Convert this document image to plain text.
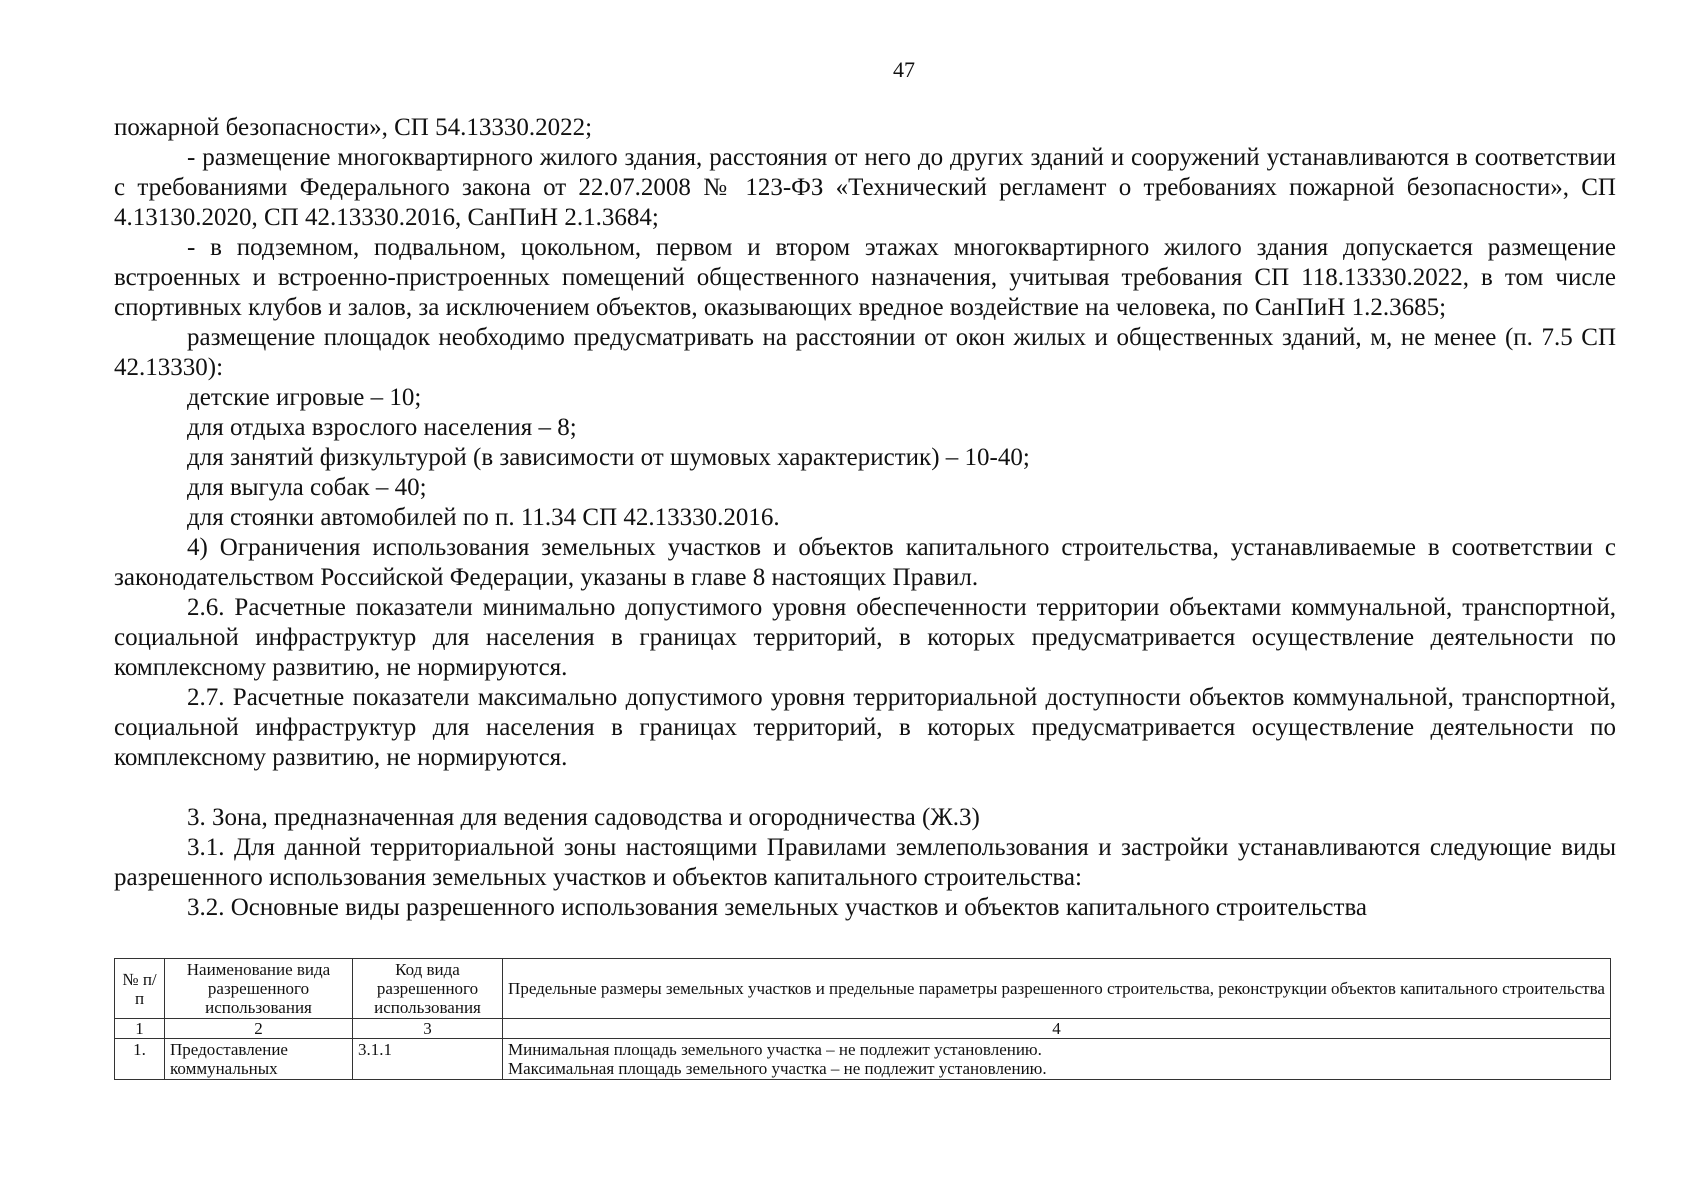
47

пожарной безопасности», СП 54.13330.2022;

- размещение многоквартирного жилого здания, расстояния от него до других зданий и сооружений устанавливаются в соответствии с требованиями Федерального закона от 22.07.2008 № 123-ФЗ «Технический регламент о требованиях пожарной безопасности», СП 4.13130.2020, СП 42.13330.2016, СанПиН 2.1.3684;

- в подземном, подвальном, цокольном, первом и втором этажах многоквартирного жилого здания допускается размещение встроенных и встроенно-пристроенных помещений общественного назначения, учитывая требования СП 118.13330.2022, в том числе спортивных клубов и залов, за исключением объектов, оказывающих вредное воздействие на человека, по СанПиН 1.2.3685;

размещение площадок необходимо предусматривать на расстоянии от окон жилых и общественных зданий, м, не менее (п. 7.5 СП 42.13330):

детские игровые – 10;

для отдыха взрослого населения – 8;

для занятий физкультурой (в зависимости от шумовых характеристик) – 10-40;

для выгула собак – 40;

для стоянки автомобилей по п. 11.34 СП 42.13330.2016.

4) Ограничения использования земельных участков и объектов капитального строительства, устанавливаемые в соответствии с законодательством Российской Федерации, указаны в главе 8 настоящих Правил.

2.6. Расчетные показатели минимально допустимого уровня обеспеченности территории объектами коммунальной, транспортной, социальной инфраструктур для населения в границах территорий, в которых предусматривается осуществление деятельности по комплексному развитию, не нормируются.

2.7. Расчетные показатели максимально допустимого уровня территориальной доступности объектов коммунальной, транспортной, социальной инфраструктур для населения в границах территорий, в которых предусматривается осуществление деятельности по комплексному развитию, не нормируются.

3. Зона, предназначенная для ведения садоводства и огородничества (Ж.3)

3.1. Для данной территориальной зоны настоящими Правилами землепользования и застройки устанавливаются следующие виды разрешенного использования земельных участков и объектов капитального строительства:

3.2. Основные виды разрешенного использования земельных участков и объектов капитального строительства

№ п/п	Наименование вида разрешенного использования	Код вида разрешенного использования	Предельные размеры земельных участков и предельные параметры разрешенного строительства, реконструкции объектов капитального строительства
1	2	3	4
1.	Предоставление коммунальных	3.1.1	Минимальная площадь земельного участка – не подлежит установлению.
Максимальная площадь земельного участка – не подлежит установлению.
